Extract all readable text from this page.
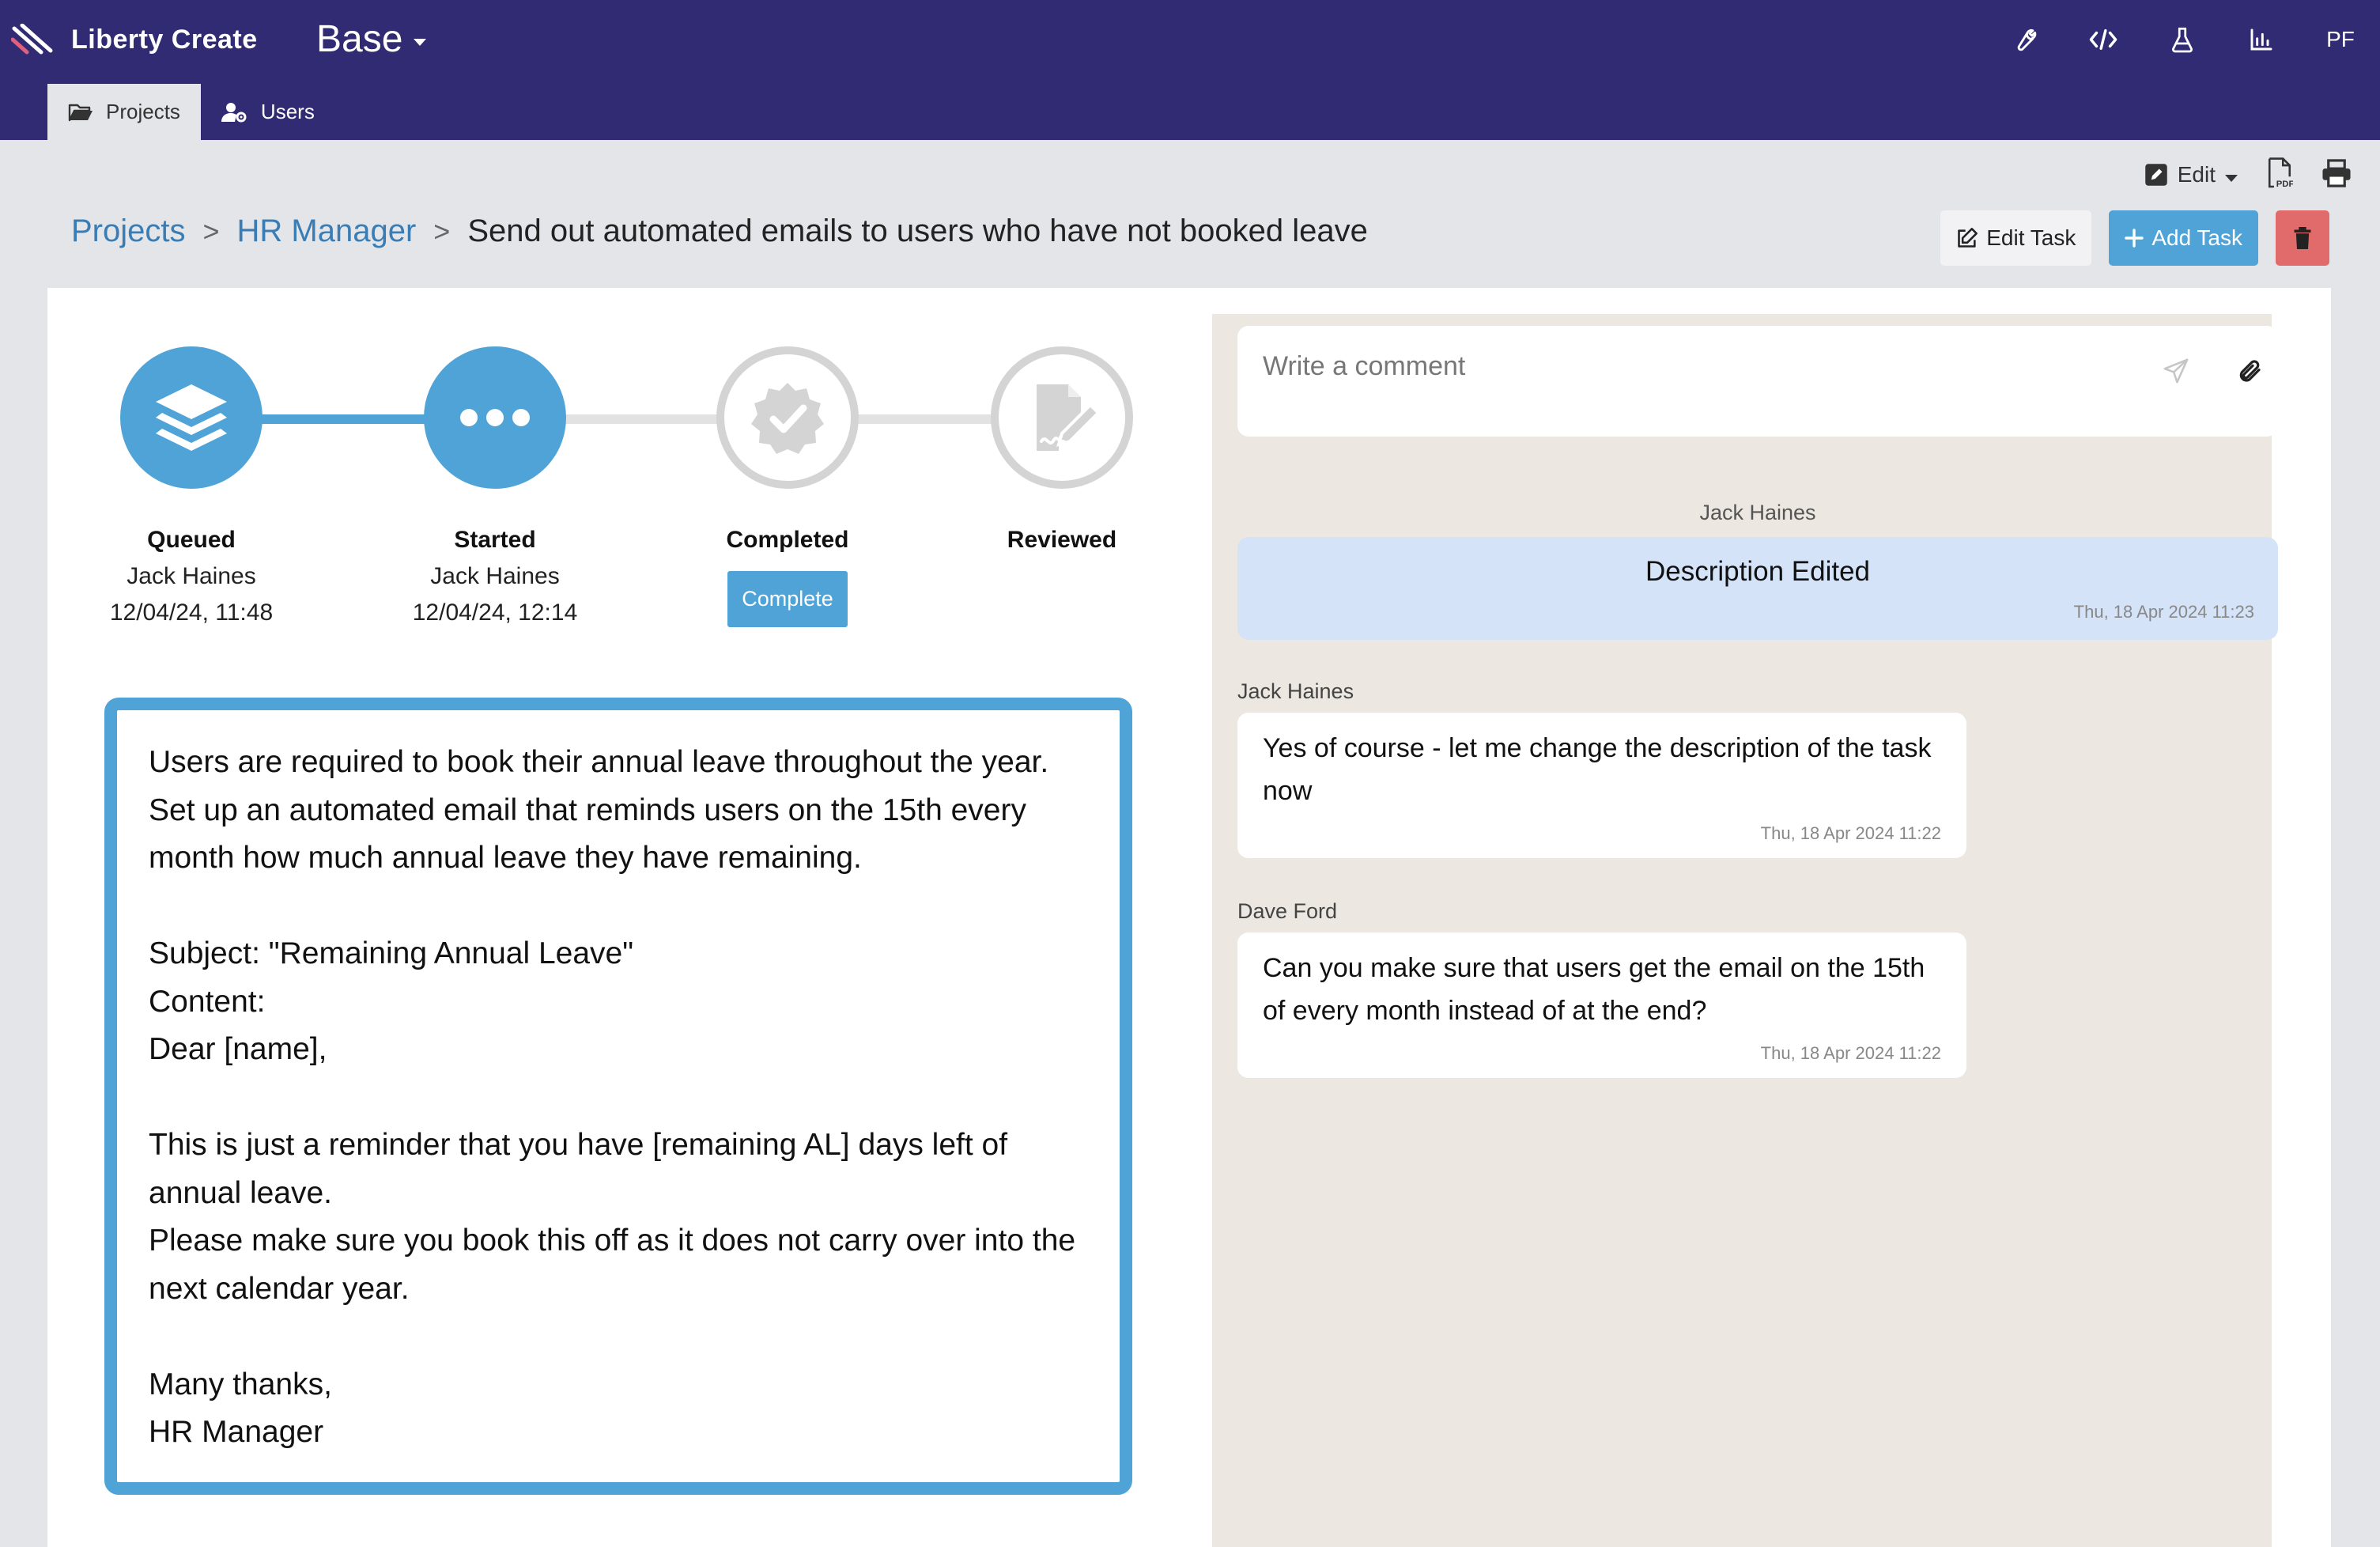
Liberty Create Base	PF
Projects	Users
Edit	PDF
Projects > HR Manager > Send out automated emails to users who have not booked leave	Edit Task	Add Task
Queued
Jack Haines
12/04/24, 11:48
Started
Jack Haines
12/04/24, 12:14
Completed
Complete
Reviewed
Users are required to book their annual leave throughout the year.
Set up an automated email that reminds users on the 15th every month how much annual leave they have remaining.

Subject: "Remaining Annual Leave"
Content:
Dear [name],

This is just a reminder that you have [remaining AL] days left of annual leave.
Please make sure you book this off as it does not carry over into the next calendar year.

Many thanks,
HR Manager
Write a comment
Jack Haines
Description Edited
Thu, 18 Apr 2024 11:23
Jack Haines
Yes of course - let me change the description of the task now
Thu, 18 Apr 2024 11:22
Dave Ford
Can you make sure that users get the email on the 15th of every month instead of at the end?
Thu, 18 Apr 2024 11:22
